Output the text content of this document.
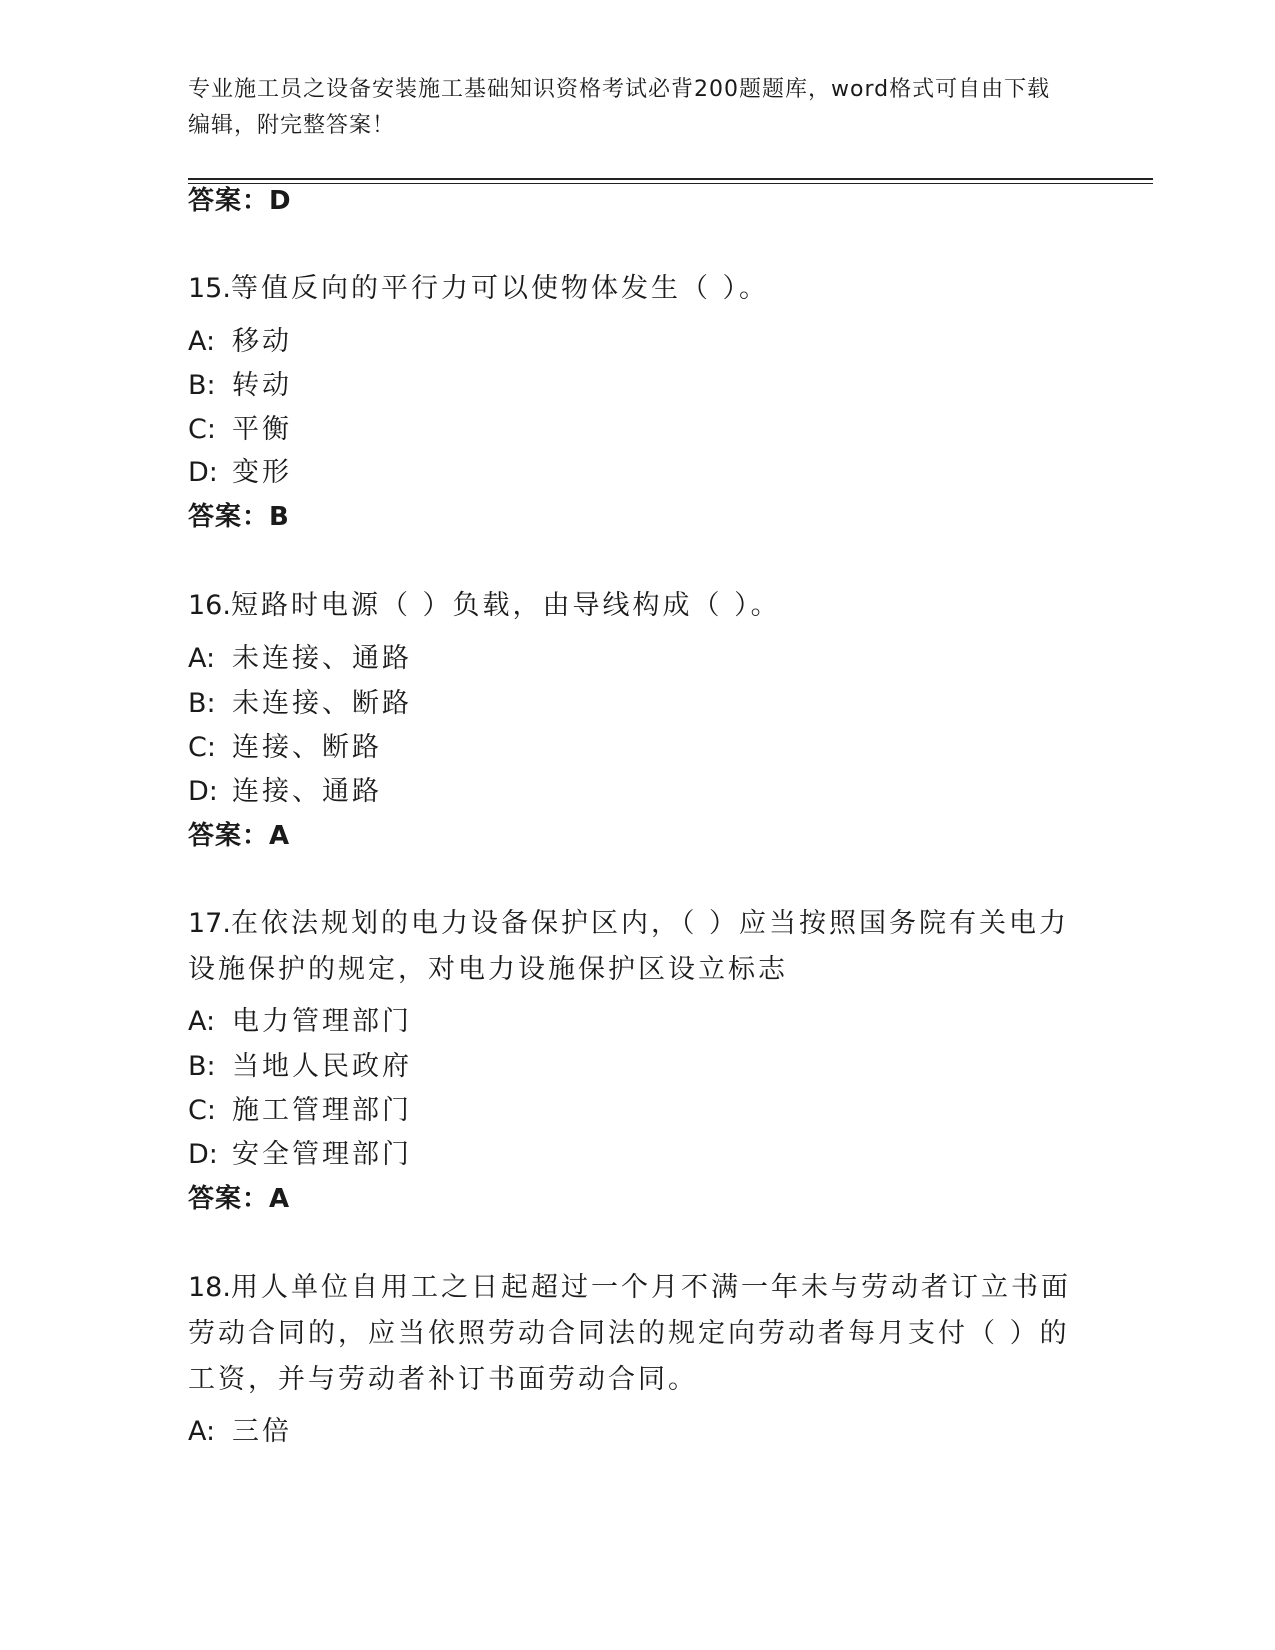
专业施工员之设备安装施工基础知识资格考试必背200题题库，word格式可自由下载编辑，附完整答案！
答案：D
15.等值反向的平行力可以使物体发生（ ）。
A: 移动
B: 转动
C: 平衡
D: 变形
答案：B
16.短路时电源（ ）负载，由导线构成（ ）。
A: 未连接、通路
B: 未连接、断路
C: 连接、断路
D: 连接、通路
答案：A
17.在依法规划的电力设备保护区内，（ ）应当按照国务院有关电力设施保护的规定，对电力设施保护区设立标志
A: 电力管理部门
B: 当地人民政府
C: 施工管理部门
D: 安全管理部门
答案：A
18.用人单位自用工之日起超过一个月不满一年未与劳动者订立书面劳动合同的，应当依照劳动合同法的规定向劳动者每月支付（ ）的工资，并与劳动者补订书面劳动合同。
A: 三倍
